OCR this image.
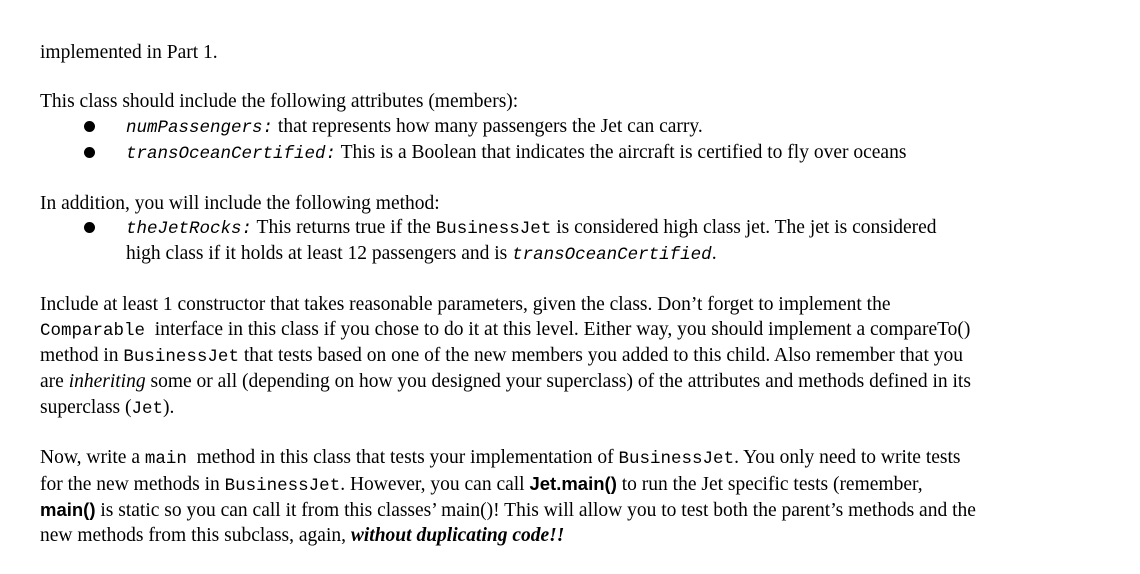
implemented in Part 1.
This class should include the following attributes (members):
numPassengers: that represents how many passengers the Jet can carry.
transOceanCertified: This is a Boolean that indicates the aircraft is certified to fly over oceans
In addition, you will include the following method:
theJetRocks: This returns true if the BusinessJet is considered high class jet. The jet is considered
high class if it holds at least 12 passengers and is transOceanCertified.
Include at least 1 constructor that takes reasonable parameters, given the class. Don’t forget to implement the
Comparable  interface in this class if you chose to do it at this level. Either way, you should implement a compareTo()
method in BusinessJet that tests based on one of the new members you added to this child. Also remember that you
are inheriting some or all (depending on how you designed your superclass) of the attributes and methods defined in its
superclass (Jet).
Now, write a main  method in this class that tests your implementation of BusinessJet. You only need to write tests
for the new methods in BusinessJet. However, you can call Jet.main() to run the Jet specific tests (remember,
main() is static so you can call it from this classes’ main()! This will allow you to test both the parent’s methods and the
new methods from this subclass, again, without duplicating code!!
